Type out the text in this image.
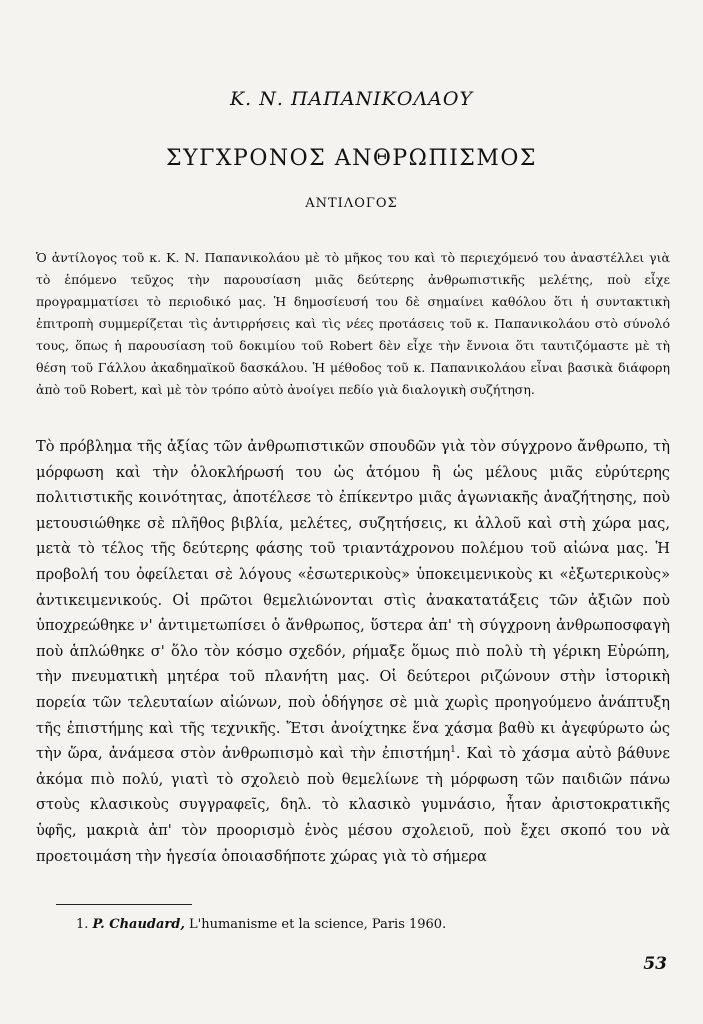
Κ. Ν. ΠΑΠΑΝΙΚΟΛΑΟΥ
ΣΥΓΧΡΟΝΟΣ ΑΝΘΡΩΠΙΣΜΟΣ
ΑΝΤΙΛΟΓΟΣ

Ὁ ἀντίλογος τοῦ κ. Κ. Ν. Παπανικολάου μὲ τὸ μῆκος του καὶ τὸ περιεχόμενό του ἀναστέλλει γιὰ τὸ ἑπόμενο τεῦχος τὴν παρουσίαση μιᾶς δεύτερης ἀνθρωπιστικῆς μελέτης, ποὺ εἶχε προγραμματίσει τὸ περιοδικό μας. Ἡ δημοσίευσή του δὲ σημαίνει καθόλου ὅτι ἡ συντακτικὴ ἐπιτροπὴ συμμερίζεται τὶς ἀντιρρήσεις καὶ τὶς νέες προτάσεις τοῦ κ. Παπανικολάου στὸ σύνολό τους, ὅπως ἡ παρουσίαση τοῦ δοκιμίου τοῦ Robert δὲν εἶχε τὴν ἔννοια ὅτι ταυτιζόμαστε μὲ τὴ θέση τοῦ Γάλλου ἀκαδημαϊκοῦ δασκάλου. Ἡ μέθοδος τοῦ κ. Παπανικολάου εἶναι βασικὰ διάφορη ἀπὸ τοῦ Robert, καὶ μὲ τὸν τρόπο αὐτὸ ἀνοίγει πεδίο γιὰ διαλογικὴ συζήτηση.

Τὸ πρόβλημα τῆς ἀξίας τῶν ἀνθρωπιστικῶν σπουδῶν γιὰ τὸν σύγχρονο ἄνθρωπο, τὴ μόρφωση καὶ τὴν ὁλοκλήρωσή του ὡς ἀτόμου ἢ ὡς μέλους μιᾶς εὐρύτερης πολιτιστικῆς κοινότητας, ἀποτέλεσε τὸ ἐπίκεντρο μιᾶς ἀγωνιακῆς ἀναζήτησης, ποὺ μετουσιώθηκε σὲ πλῆθος βιβλία, μελέτες, συζητήσεις, κι ἀλλοῦ καὶ στὴ χώρα μας, μετὰ τὸ τέλος τῆς δεύτερης φάσης τοῦ τριαντάχρονου πολέμου τοῦ αἰώνα μας. Ἡ προβολή του ὀφείλεται σὲ λόγους «ἐσωτερικοὺς» ὑποκειμενικοὺς κι «ἐξωτερικοὺς» ἀντικειμενικούς. Οἱ πρῶτοι θεμελιώνονται στὶς ἀνακατατάξεις τῶν ἀξιῶν ποὺ ὑποχρεώθηκε ν' ἀντιμετωπίσει ὁ ἄνθρωπος, ὕστερα ἀπ' τὴ σύγχρονη ἀνθρωποσφαγὴ ποὺ ἁπλώθηκε σ' ὅλο τὸν κόσμο σχεδόν, ρήμαξε ὅμως πιὸ πολὺ τὴ γέρικη Εὐρώπη, τὴν πνευματικὴ μητέρα τοῦ πλανήτη μας. Οἱ δεύτεροι ριζώνουν στὴν ἱστορικὴ πορεία τῶν τελευταίων αἰώνων, ποὺ ὁδήγησε σὲ μιὰ χωρὶς προηγούμενο ἀνάπτυξη τῆς ἐπιστήμης καὶ τῆς τεχνικῆς. Ἔτσι ἀνοίχτηκε ἕνα χάσμα βαθὺ κι ἀγεφύρωτο ὡς τὴν ὥρα, ἀνάμεσα στὸν ἀνθρωπισμὸ καὶ τὴν ἐπιστήμη$^1$. Καὶ τὸ χάσμα αὐτὸ βάθυνε ἀκόμα πιὸ πολύ, γιατὶ τὸ σχολειὸ ποὺ θεμελίωνε τὴ μόρφωση τῶν παιδιῶν πάνω στοὺς κλασικοὺς συγγραφεῖς, δηλ. τὸ κλασικὸ γυμνάσιο, ἦταν ἀριστοκρατικῆς ὑφῆς, μακριὰ ἀπ' τὸν προορισμὸ ἑνὸς μέσου σχολειοῦ, ποὺ ἔχει σκοπό του νὰ προετοιμάση τὴν ἡγεσία ὁποιασδήποτε χώρας γιὰ τὸ σήμερα

1. P. Chaudard, L'humanisme et la science, Paris 1960.
53
